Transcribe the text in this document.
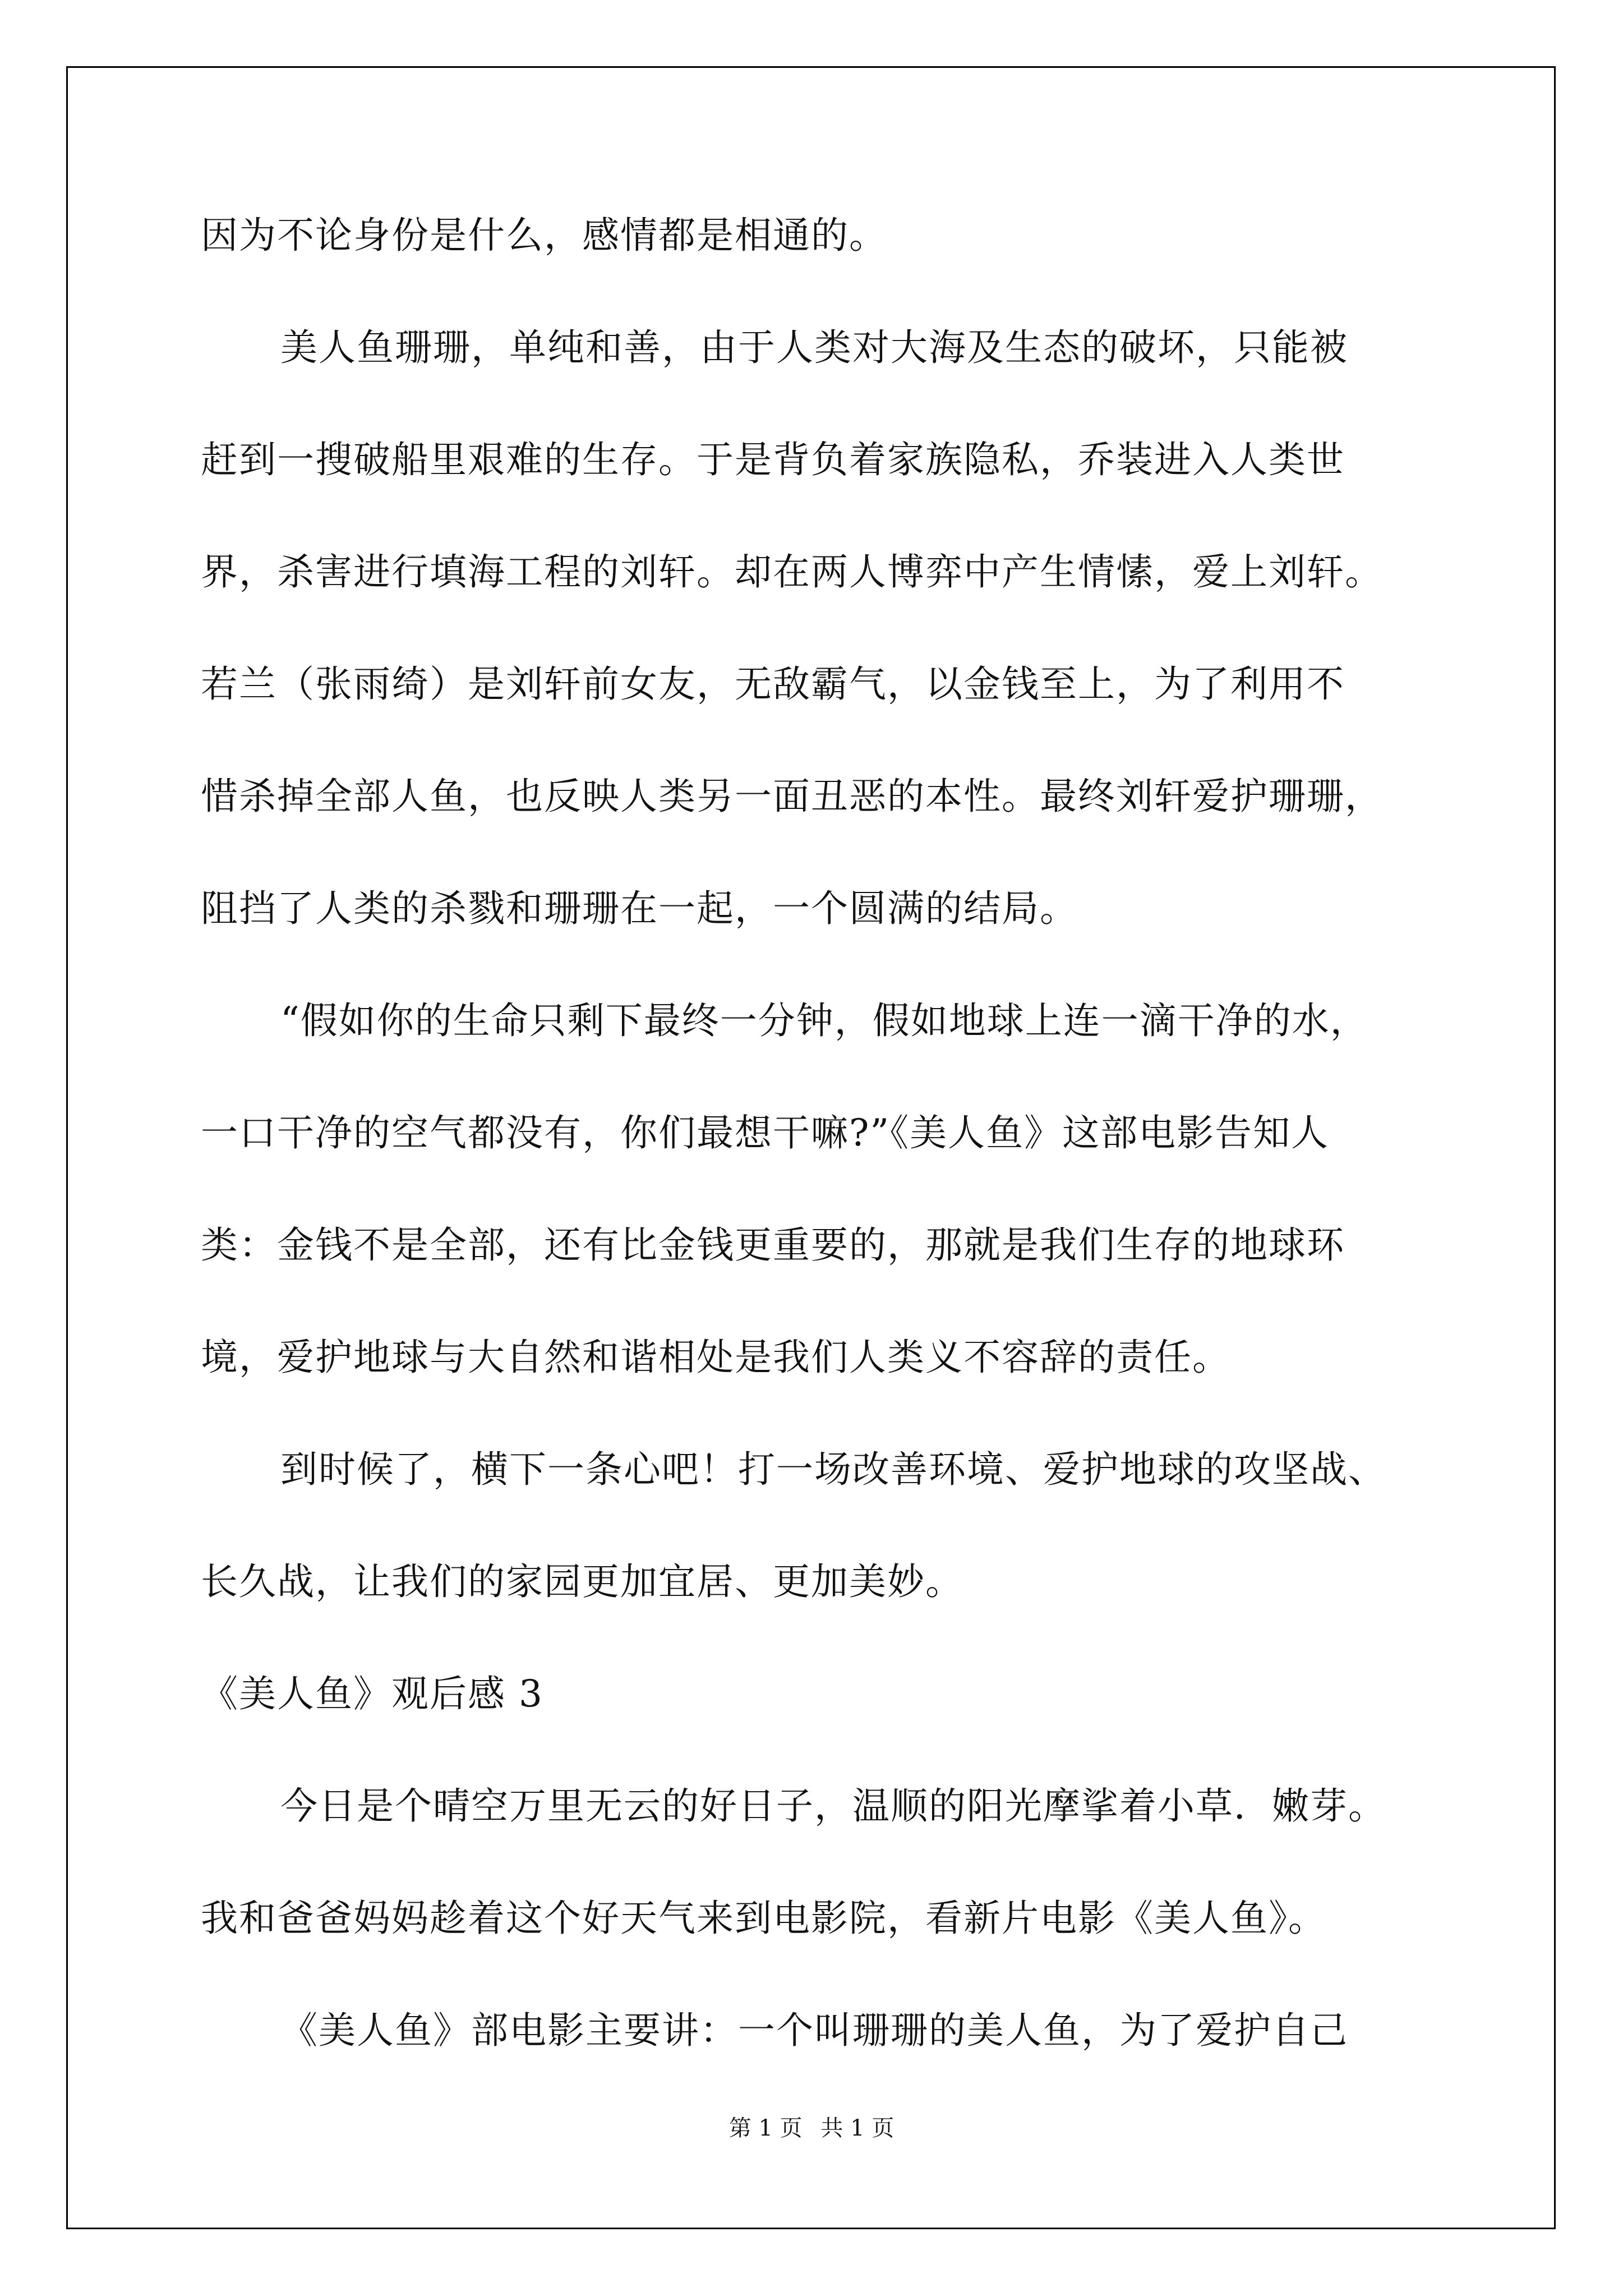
因为不论身份是什么，感情都是相通的。
美人鱼珊珊，单纯和善，由于人类对大海及生态的破坏，只能被
赶到一搜破船里艰难的生存。于是背负着家族隐私，乔装进入人类世
界，杀害进行填海工程的刘轩。却在两人博弈中产生情愫，爱上刘轩。
若兰（张雨绮）是刘轩前女友，无敌霸气，以金钱至上，为了利用不
惜杀掉全部人鱼，也反映人类另一面丑恶的本性。最终刘轩爱护珊珊，
阻挡了人类的杀戮和珊珊在一起，一个圆满的结局。
“假如你的生命只剩下最终一分钟，假如地球上连一滴干净的水，
一口干净的空气都没有，你们最想干嘛?”《美人鱼》这部电影告知人
类：金钱不是全部，还有比金钱更重要的，那就是我们生存的地球环
境，爱护地球与大自然和谐相处是我们人类义不容辞的责任。
到时候了，横下一条心吧！打一场改善环境、爱护地球的攻坚战、
长久战，让我们的家园更加宜居、更加美妙。
《美人鱼》观后感 3
今日是个晴空万里无云的好日子，温顺的阳光摩挲着小草．嫩芽。
我和爸爸妈妈趁着这个好天气来到电影院，看新片电影《美人鱼》。
《美人鱼》部电影主要讲：一个叫珊珊的美人鱼，为了爱护自己
第 1 页 共 1 页
